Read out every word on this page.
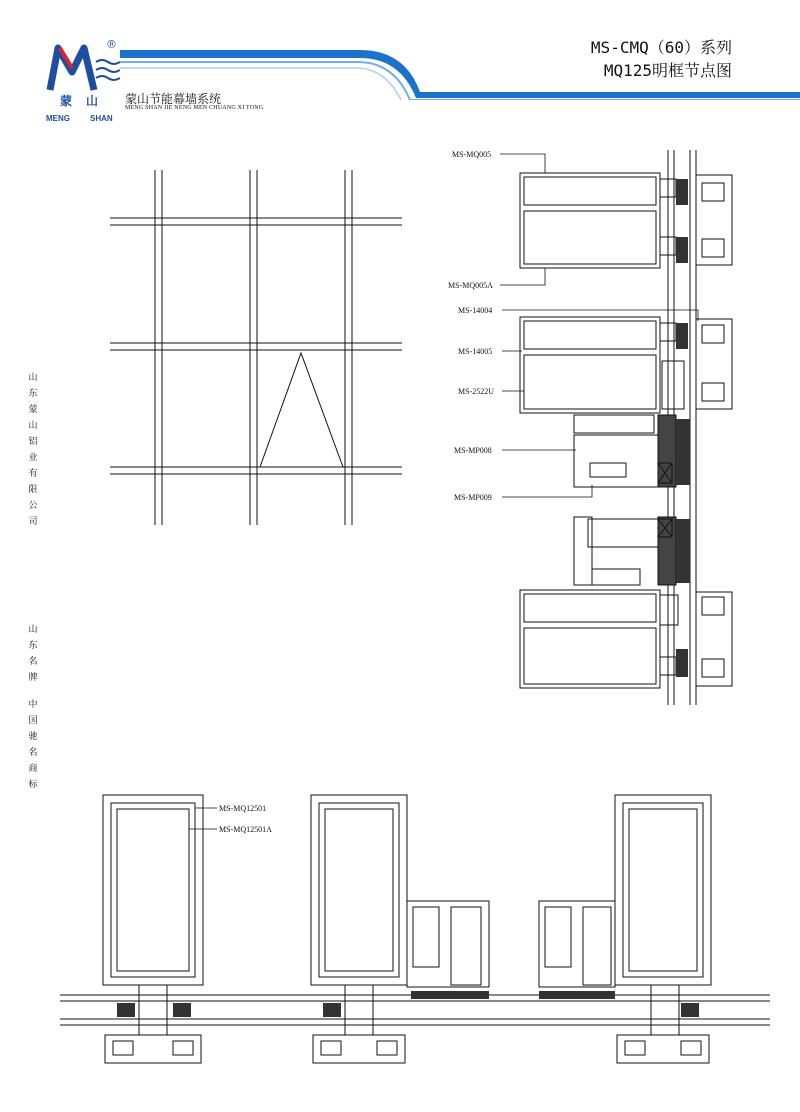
®
蒙山
MENG	SHAN
蒙山节能幕墙系统
MENG SHAN JIE NENG MEN CHUANG XI TONG
MS-CMQ（60）系列
MQ125明框节点图
山东蒙山铝业有限公司
山东名牌
中国驰名商标
MS-MQ005
MS-MQ005A
MS-14004
MS-14005
MS-2522U
MS-MP008
MS-MP009
MS-MQ12501
MS-MQ12501A
